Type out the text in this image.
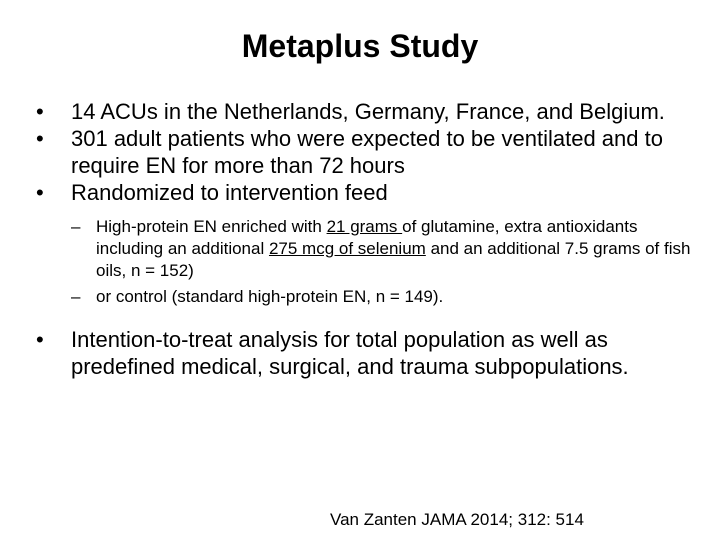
Metaplus Study
•	14 ACUs in the Netherlands, Germany, France, and Belgium.
•	301 adult patients who were expected to be ventilated and to require EN for more than 72 hours
•	Randomized to intervention feed
– High-protein EN enriched with 21 grams of glutamine, extra antioxidants including an additional 275 mcg of selenium and an additional 7.5 grams of fish oils, n = 152)
– or control (standard high-protein EN, n = 149).
•	Intention-to-treat analysis for total population as well as predefined medical, surgical, and trauma subpopulations.
Van Zanten JAMA 2014; 312: 514
